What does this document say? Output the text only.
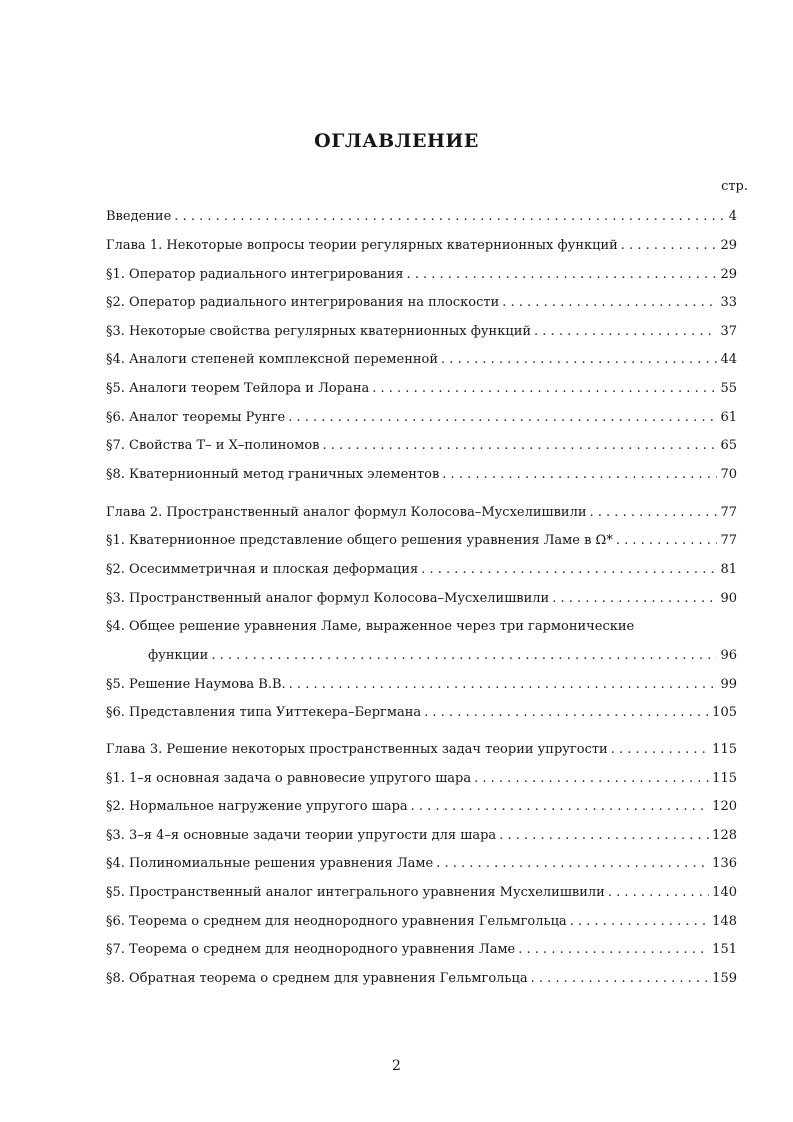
ОГЛАВЛЕНИЕ
стр.
Введение . . .	4
Глава 1. Некоторые вопросы теории регулярных кватернионных функций . . .	29
§1. Оператор радиального интегрирования . . .	29
§2. Оператор радиального интегрирования на плоскости . . .	33
§3. Некоторые свойства регулярных кватернионных функций . . .	37
§4. Аналоги степеней комплексной переменной . . .	44
§5. Аналоги теорем Тейлора и Лорана . . .	55
§6. Аналог теоремы Рунге . . .	61
§7. Свойства T– и X–полиномов . . .	65
§8. Кватернионный метод граничных элементов . . .	70
Глава 2. Пространственный аналог формул Колосова–Мусхелишвили . . .	77
§1. Кватернионное представление общего решения уравнения Ламе в Ω* . . .	77
§2. Осесимметричная и плоская деформация . . .	81
§3. Пространственный аналог формул Колосова–Мусхелишвили . . .	90
§4. Общее решение уравнения Ламе, выраженное через три гармонические
функции . . .	96
§5. Решение Наумова В.В. . . .	99
§6. Представления типа Уиттекера–Бергмана . . .	105
Глава 3. Решение некоторых пространственных задач теории упругости . . .	115
§1. 1–я основная задача о равновесие упругого шара . . .	115
§2. Нормальное нагружение упругого шара . . .	120
§3. 3–я 4–я основные задачи теории упругости для шара . . .	128
§4. Полиномиальные решения уравнения Ламе . . .	136
§5. Пространственный аналог интегрального уравнения Мусхелишвили . . .	140
§6. Теорема о среднем для неоднородного уравнения Гельмгольца . . .	148
§7. Теорема о среднем для неоднородного уравнения Ламе . . .	151
§8. Обратная теорема о среднем для уравнения Гельмгольца . . .	159
2
